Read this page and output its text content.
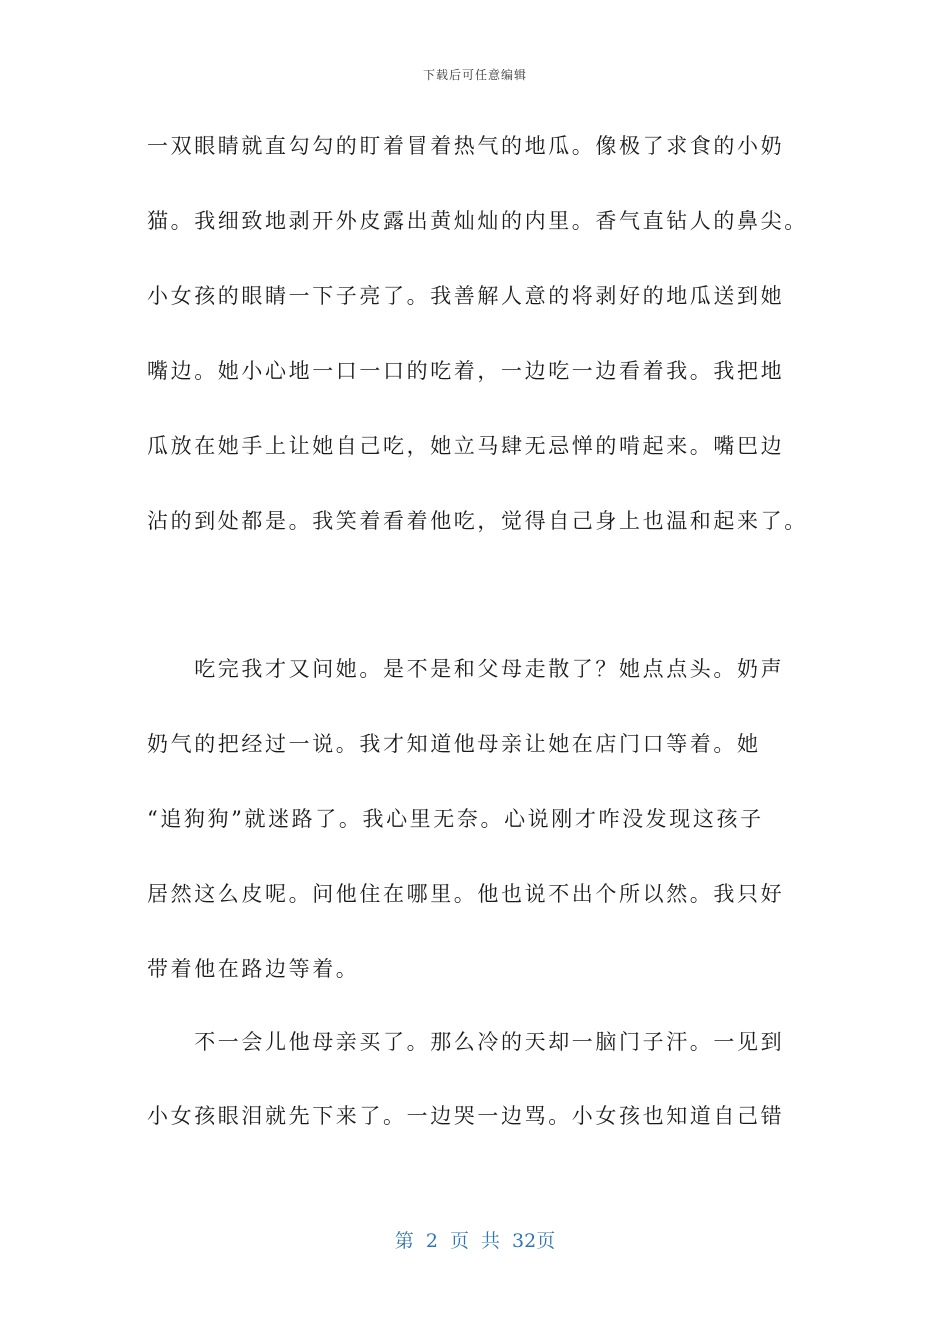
下载后可任意编辑
一双眼睛就直勾勾的盯着冒着热气的地瓜。像极了求食的小奶
猫。我细致地剥开外皮露出黄灿灿的内里。香气直钻人的鼻尖。
小女孩的眼睛一下子亮了。我善解人意的将剥好的地瓜送到她
嘴边。她小心地一口一口的吃着，一边吃一边看着我。我把地
瓜放在她手上让她自己吃，她立马肆无忌惮的啃起来。嘴巴边
沾的到处都是。我笑着看着他吃，觉得自己身上也温和起来了。
　　吃完我才又问她。是不是和父母走散了？她点点头。奶声
奶气的把经过一说。我才知道他母亲让她在店门口等着。她
“追狗狗”就迷路了。我心里无奈。心说刚才咋没发现这孩子
居然这么皮呢。问他住在哪里。他也说不出个所以然。我只好
带着他在路边等着。
　　不一会儿他母亲买了。那么冷的天却一脑门子汗。一见到
小女孩眼泪就先下来了。一边哭一边骂。小女孩也知道自己错
第 2 页 共 32页
